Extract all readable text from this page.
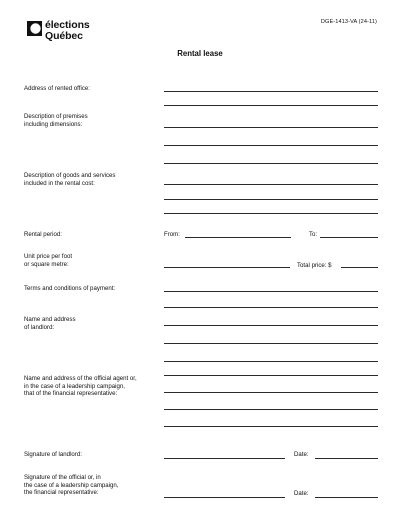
élections
Québec
DGE-1413-VA (24-11)
Rental lease
Address of rented office:
Description of premises
including dimensions:
Description of goods and services
included in the rental cost:
Rental period:	From:	To:
Unit price per foot
or square metre:	Total price: $
Terms and conditions of payment:
Name and address
of landlord:
Name and address of the official agent or,
in the case of a leadership campaign,
that of the financial representative:
Signature of landlord:	Date:
Signature of the official or, in
the case of a leadership campaign,
the financial representative:	Date:
